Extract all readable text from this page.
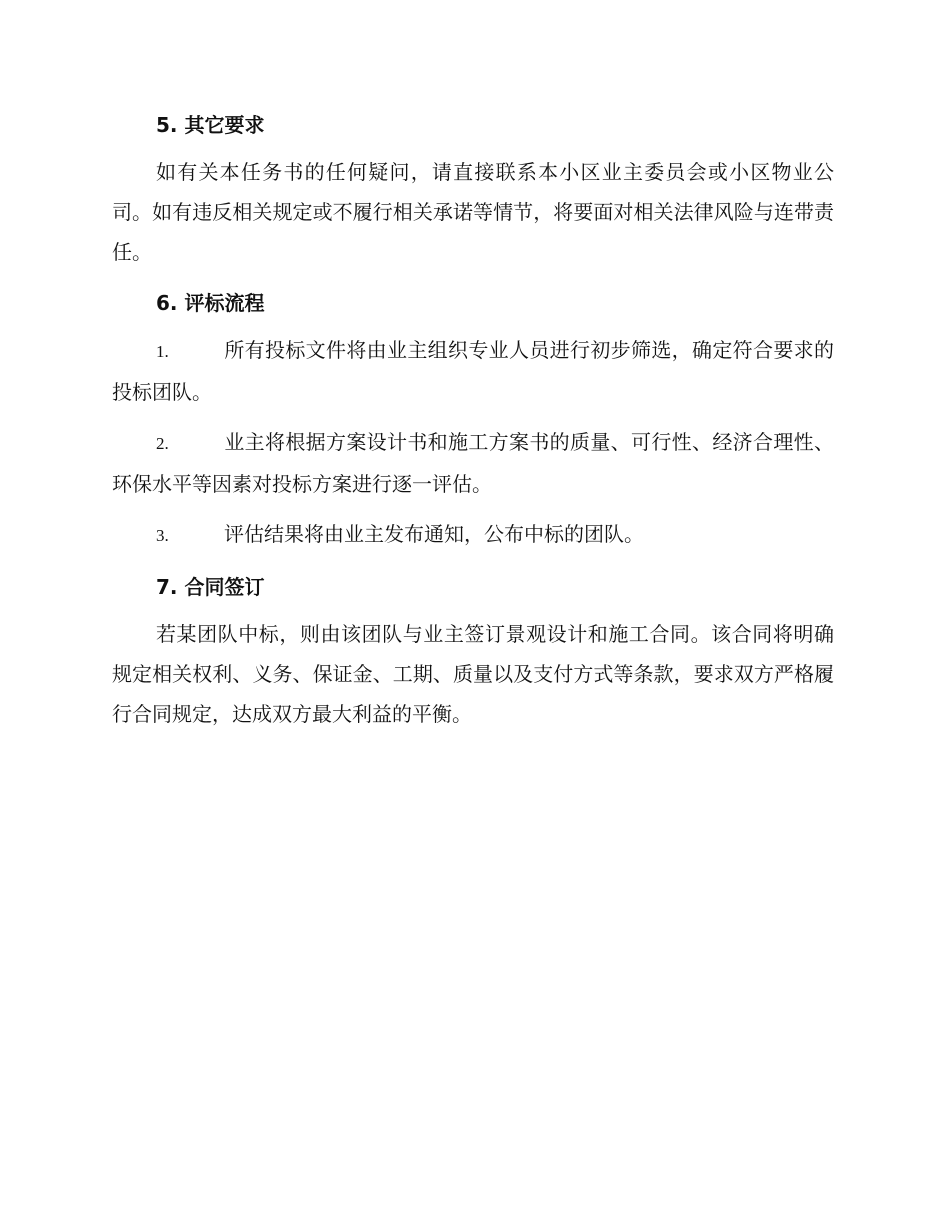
5. 其它要求

如有关本任务书的任何疑问，请直接联系本小区业主委员会或小区物业公司。如有违反相关规定或不履行相关承诺等情节，将要面对相关法律风险与连带责任。

6. 评标流程

1.	所有投标文件将由业主组织专业人员进行初步筛选，确定符合要求的投标团队。

2.	业主将根据方案设计书和施工方案书的质量、可行性、经济合理性、环保水平等因素对投标方案进行逐一评估。

3.	评估结果将由业主发布通知，公布中标的团队。

7. 合同签订

若某团队中标，则由该团队与业主签订景观设计和施工合同。该合同将明确规定相关权利、义务、保证金、工期、质量以及支付方式等条款，要求双方严格履行合同规定，达成双方最大利益的平衡。
